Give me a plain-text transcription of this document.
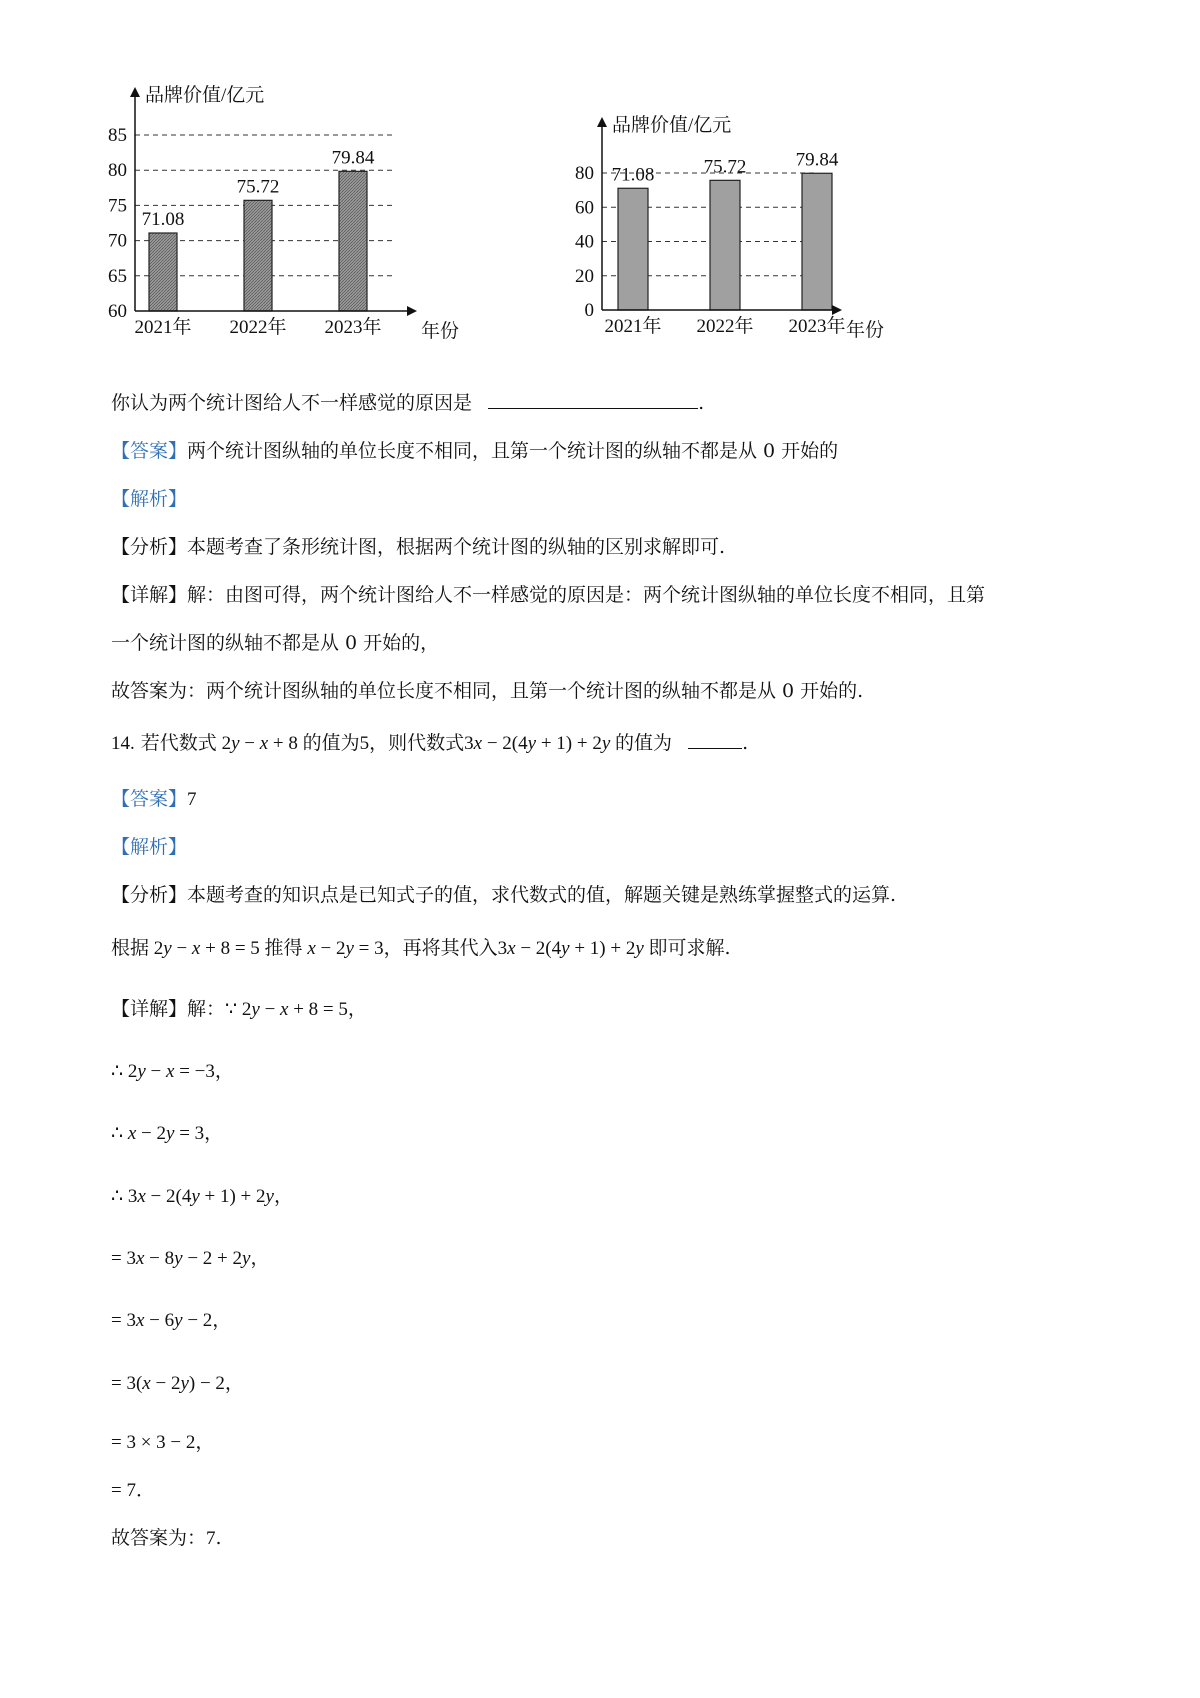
60
65
70
75
80
85
71.08
2021年
75.72
2022年
79.84
2023年
品牌价值/亿元
年份
0
20
40
60
80 71.08
2021年
75.72
2022年
79.84
2023年
品牌价值/亿元
年份
你认为两个统计图给人不一样感觉的原因是	.
【答案】两个统计图纵轴的单位长度不相同，且第一个统计图的纵轴不都是从 0 开始的
【解析】
【分析】本题考查了条形统计图，根据两个统计图的纵轴的区别求解即可.
【详解】解：由图可得，两个统计图给人不一样感觉的原因是：两个统计图纵轴的单位长度不相同，且第
一个统计图的纵轴不都是从 0 开始的，
故答案为：两个统计图纵轴的单位长度不相同，且第一个统计图的纵轴不都是从 0 开始的.
14. 若代数式 2y − x + 8 的值为5，则代数式3x − 2(4y + 1) + 2y 的值为	.
【答案】7
【解析】
【分析】本题考查的知识点是已知式子的值，求代数式的值，解题关键是熟练掌握整式的运算.
根据 2y − x + 8 = 5 推得 x − 2y = 3，再将其代入3x − 2(4y + 1) + 2y 即可求解.
【详解】解：∵ 2y − x + 8 = 5，
∴ 2y − x = −3，
∴ x − 2y = 3，
∴ 3x − 2(4y + 1) + 2y，
= 3x − 8y − 2 + 2y，
= 3x − 6y − 2，
= 3(x − 2y) − 2，
= 3 × 3 − 2，
= 7．
故答案为：7.
